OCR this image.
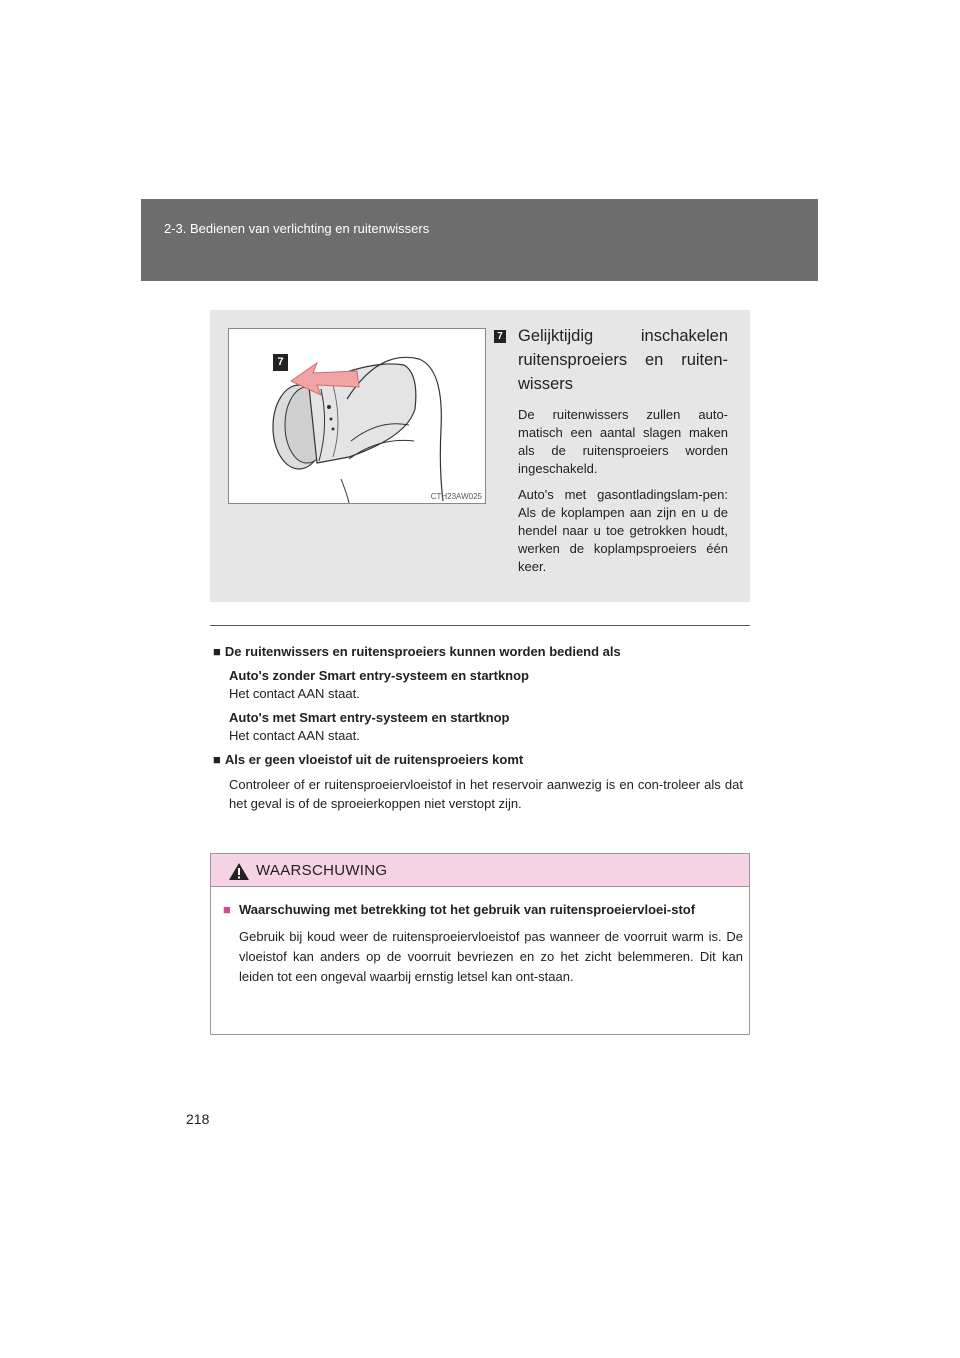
2-3. Bedienen van verlichting en ruitenwissers
7
CTH23AW025
7 Gelijktijdig inschakelen
ruitensproeiers en ruiten-wissers

De ruitenwissers zullen auto-matisch een aantal slagen maken als de ruitensproeiers worden ingeschakeld.

Auto's met gasontladingslam-pen: Als de koplampen aan zijn en u de hendel naar u toe getrokken houdt, werken de koplampsproeiers één keer.

■ De ruitenwissers en ruitensproeiers kunnen worden bediend als

Auto's zonder Smart entry-systeem en startknop

Het contact AAN staat.

Auto's met Smart entry-systeem en startknop

Het contact AAN staat.

■ Als er geen vloeistof uit de ruitensproeiers komt

Controleer of er ruitensproeiervloeistof in het reservoir aanwezig is en con-troleer als dat het geval is of de sproeierkoppen niet verstopt zijn.

WAARSCHUWING

■ Waarschuwing met betrekking tot het gebruik van ruitensproeiervloei-stof

Gebruik bij koud weer de ruitensproeiervloeistof pas wanneer de voorruit warm is. De vloeistof kan anders op de voorruit bevriezen en zo het zicht belemmeren. Dit kan leiden tot een ongeval waarbij ernstig letsel kan ont-staan.

218
